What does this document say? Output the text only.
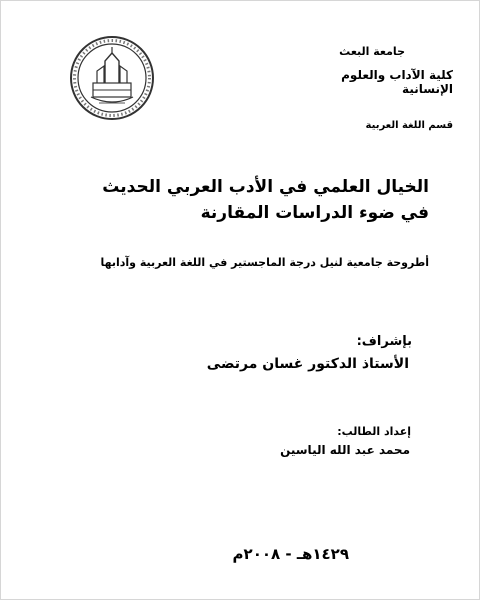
جامعة البعث
كلية الآداب والعلوم الإنسانية
قسم اللغة العربية
الخيال العلمي في الأدب العربي الحديث
في ضوء الدراسات المقارنة
أطروحة جامعية لنيل درجة الماجستير في اللغة العربية وآدابها
بإشراف:
الأستاذ الدكتور غسان مرتضى
إعداد الطالب:
محمد عبد الله الياسين
١٤٢٩هـ - ٢٠٠٨م
